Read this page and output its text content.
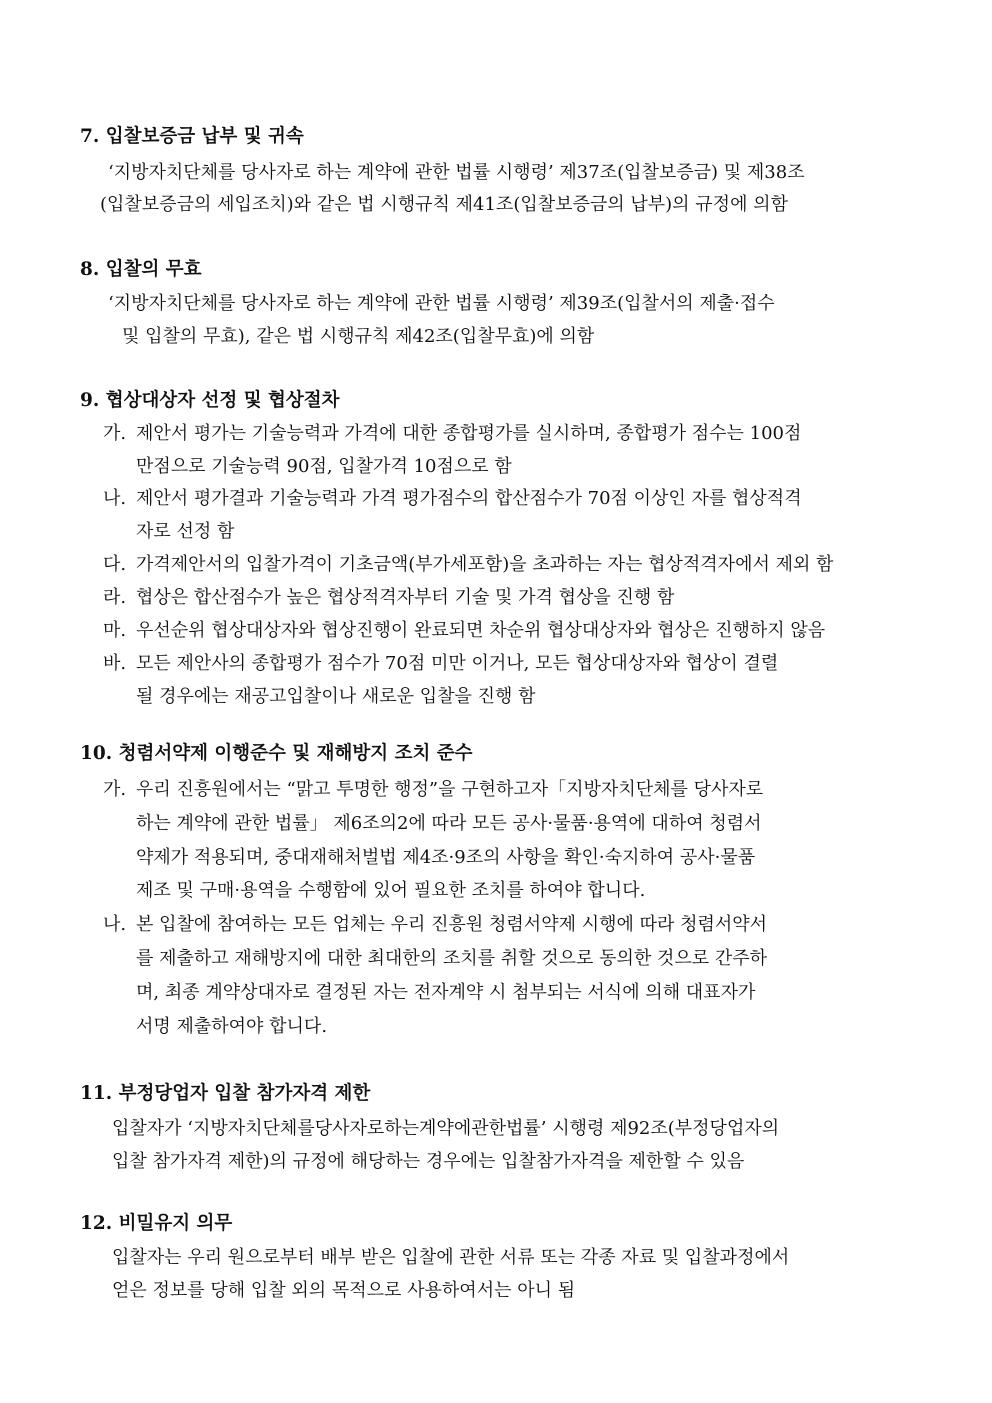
7. 입찰보증금 납부 및 귀속
‘지방자치단체를 당사자로 하는 계약에 관한 법률 시행령’ 제37조(입찰보증금) 및 제38조
(입찰보증금의 세입조치)와 같은 법 시행규칙 제41조(입찰보증금의 납부)의 규정에 의함
8. 입찰의 무효
‘지방자치단체를 당사자로 하는 계약에 관한 법률 시행령’ 제39조(입찰서의 제출·접수
및 입찰의 무효), 같은 법 시행규칙 제42조(입찰무효)에 의함
9. 협상대상자 선정 및 협상절차
가. 제안서 평가는 기술능력과 가격에 대한 종합평가를 실시하며, 종합평가 점수는 100점
만점으로 기술능력 90점, 입찰가격 10점으로 함
나. 제안서 평가결과 기술능력과 가격 평가점수의 합산점수가 70점 이상인 자를 협상적격
자로 선정 함
다. 가격제안서의 입찰가격이 기초금액(부가세포함)을 초과하는 자는 협상적격자에서 제외 함
라. 협상은 합산점수가 높은 협상적격자부터 기술 및 가격 협상을 진행 함
마. 우선순위 협상대상자와 협상진행이 완료되면 차순위 협상대상자와 협상은 진행하지 않음
바. 모든 제안사의 종합평가 점수가 70점 미만 이거나, 모든 협상대상자와 협상이 결렬
될 경우에는 재공고입찰이나 새로운 입찰을 진행 함
10. 청렴서약제 이행준수 및 재해방지 조치 준수
가. 우리 진흥원에서는 “맑고 투명한 행정”을 구현하고자「지방자치단체를 당사자로
하는 계약에 관한 법률」 제6조의2에 따라 모든 공사·물품·용역에 대하여 청렴서
약제가 적용되며, 중대재해처벌법 제4조·9조의 사항을 확인·숙지하여 공사·물품
제조 및 구매·용역을 수행함에 있어 필요한 조치를 하여야 합니다.
나. 본 입찰에 참여하는 모든 업체는 우리 진흥원 청렴서약제 시행에 따라 청렴서약서
를 제출하고 재해방지에 대한 최대한의 조치를 취할 것으로 동의한 것으로 간주하
며, 최종 계약상대자로 결정된 자는 전자계약 시 첨부되는 서식에 의해 대표자가
서명 제출하여야 합니다.
11. 부정당업자 입찰 참가자격 제한
입찰자가 ‘지방자치단체를당사자로하는계약에관한법률’ 시행령 제92조(부정당업자의
입찰 참가자격 제한)의 규정에 해당하는 경우에는 입찰참가자격을 제한할 수 있음
12. 비밀유지 의무
입찰자는 우리 원으로부터 배부 받은 입찰에 관한 서류 또는 각종 자료 및 입찰과정에서
얻은 정보를 당해 입찰 외의 목적으로 사용하여서는 아니 됨
